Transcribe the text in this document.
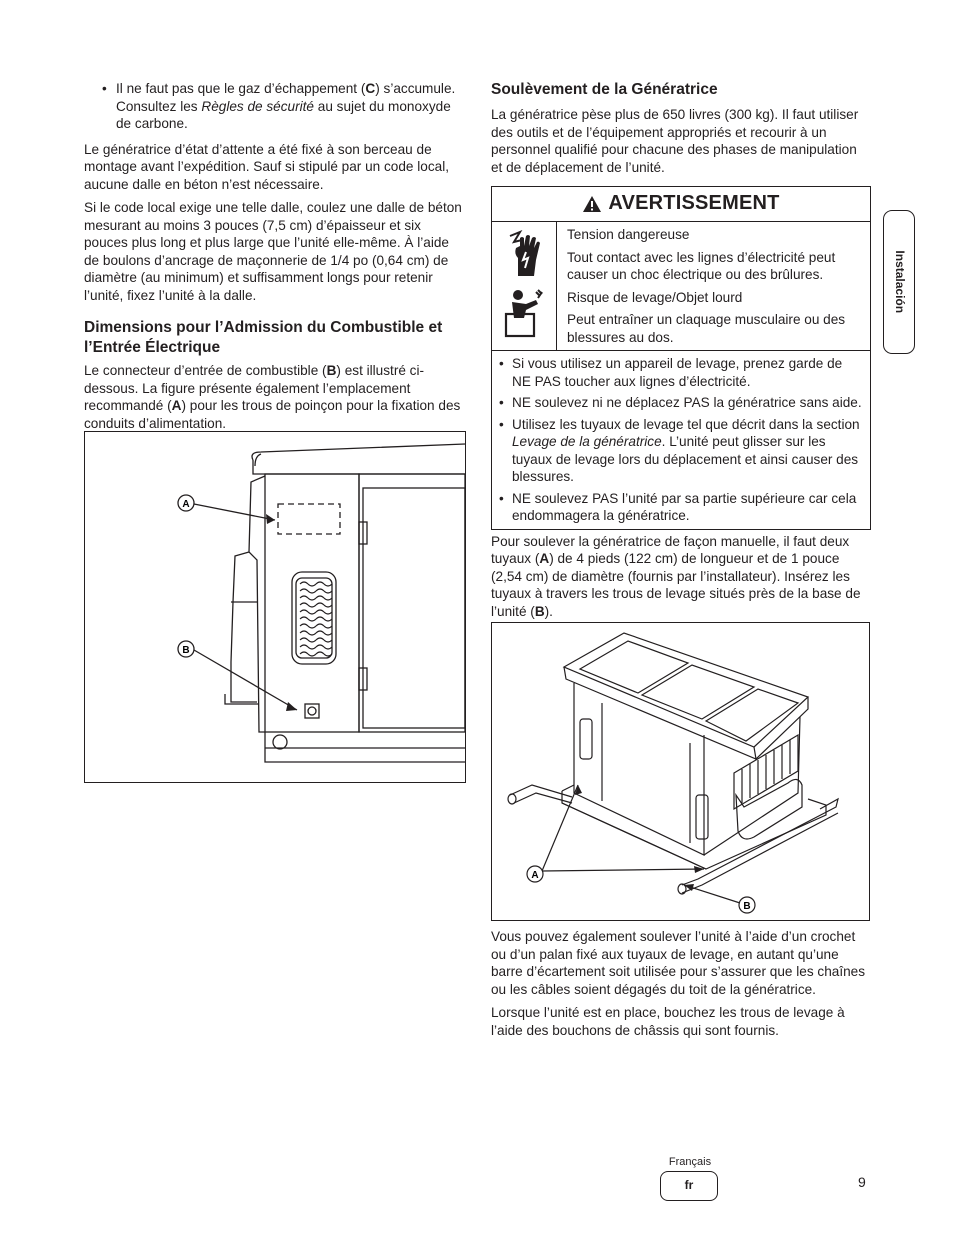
• Il ne faut pas que le gaz d’échappement (C) s’accumule. Consultez les Règles de sécurité au sujet du monoxyde de carbone.

Le génératrice d’état d’attente a été fixé à son berceau de montage avant l’expédition. Sauf si stipulé par un code local, aucune dalle en béton n’est nécessaire.

Si le code local exige une telle dalle, coulez une dalle de béton mesurant au moins 3 pouces (7,5 cm) d’épaisseur et six pouces plus long et plus large que l’unité elle-même. À l’aide de boulons d’ancrage de maçonnerie de 1/4 po (0,64 cm) de diamètre (au minimum) et suffisamment longs pour retenir l’unité, fixez l’unité à la dalle.

Dimensions pour l’Admission du Combustible et l’Entrée Électrique

Le connecteur d’entrée de combustible (B) est illustré ci-dessous. La figure présente également l’emplacement recommandé (A) pour les trous de poinçon pour la fixation des conduits d’alimentation.

A
B
Soulèvement de la Génératrice

La génératrice pèse plus de 650 livres (300 kg). Il faut utiliser des outils et de l’équipement appropriés et recourir à un personnel qualifié pour chacune des phases de manipulation et de déplacement de l’unité.

AVERTISSEMENT

Tension dangereuse

Tout contact avec les lignes d’électricité peut causer un choc électrique ou des brûlures.

Risque de levage/Objet lourd

Peut entraîner un claquage musculaire ou des blessures au dos.

• Si vous utilisez un appareil de levage, prenez garde de NE PAS toucher aux lignes d’électricité.
• NE soulevez ni ne déplacez PAS la génératrice sans aide.
• Utilisez les tuyaux de levage tel que décrit dans la section Levage de la génératrice. L’unité peut glisser sur les tuyaux de levage lors du déplacement et ainsi causer des blessures.
• NE soulevez PAS l’unité par sa partie supérieure car cela endommagera la génératrice.

Pour soulever la génératrice de façon manuelle, il faut deux tuyaux (A) de 4 pieds (122 cm) de longueur et de 1 pouce (2,54 cm) de diamètre (fournis par l’installateur). Insérez les tuyaux à travers les trous de levage situés près de la base de l’unité (B).

A
B

Vous pouvez également soulever l’unité à l’aide d’un crochet ou d’un palan fixé aux tuyaux de levage, en autant qu’une barre d’écartement soit utilisée pour s’assurer que les chaînes ou les câbles soient dégagés du toit de la génératrice.

Lorsque l’unité est en place, bouchez les trous de levage à l’aide des bouchons de châssis qui sont fournis.

Instalación
Français
fr	9
